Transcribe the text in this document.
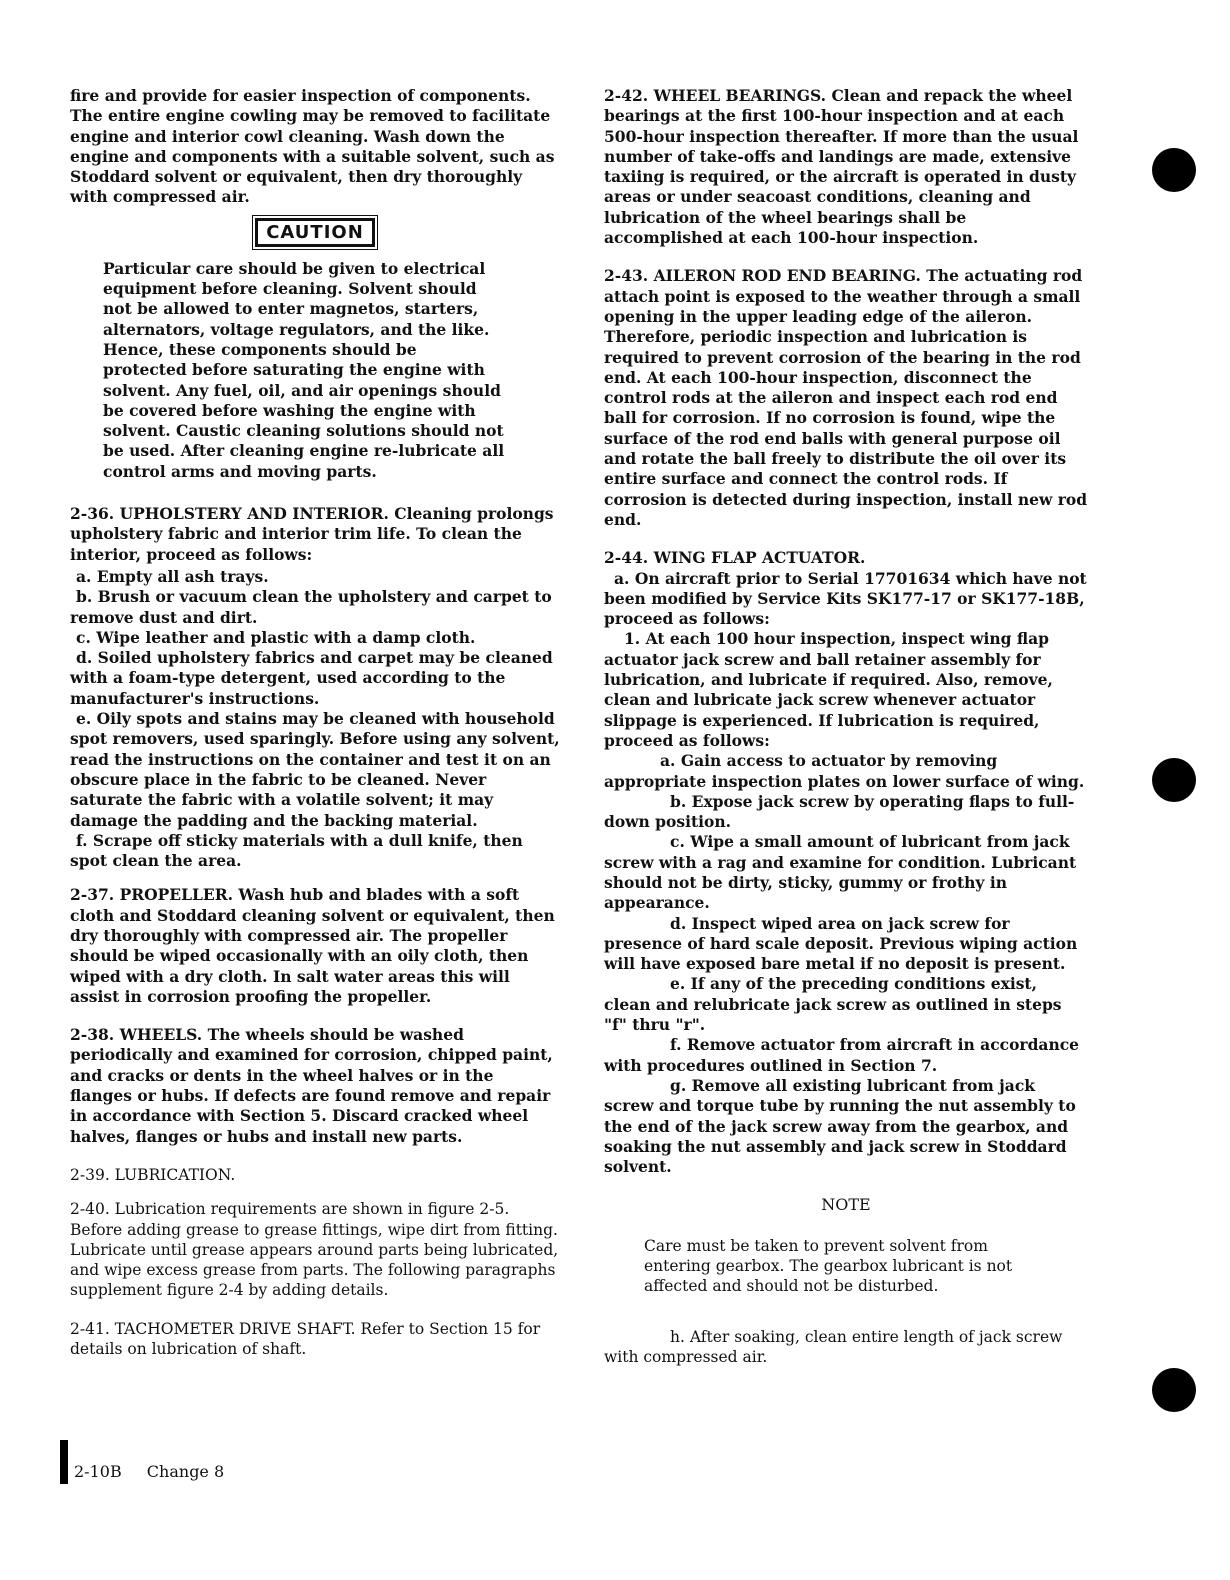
fire and provide for easier inspection of components. The entire engine cowling may be removed to facilitate engine and interior cowl cleaning. Wash down the engine and components with a suitable solvent, such as Stoddard solvent or equivalent, then dry thoroughly with compressed air.

CAUTION

Particular care should be given to electrical equipment before cleaning. Solvent should not be allowed to enter magnetos, starters, alternators, voltage regulators, and the like. Hence, these components should be protected before saturating the engine with solvent. Any fuel, oil, and air openings should be covered before washing the engine with solvent. Caustic cleaning solutions should not be used. After cleaning engine re-lubricate all control arms and moving parts.

2-36. UPHOLSTERY AND INTERIOR. Cleaning prolongs upholstery fabric and interior trim life. To clean the interior, proceed as follows:

a. Empty all ash trays.

b. Brush or vacuum clean the upholstery and carpet to remove dust and dirt.

c. Wipe leather and plastic with a damp cloth.

d. Soiled upholstery fabrics and carpet may be cleaned with a foam-type detergent, used according to the manufacturer's instructions.

e. Oily spots and stains may be cleaned with household spot removers, used sparingly. Before using any solvent, read the instructions on the container and test it on an obscure place in the fabric to be cleaned. Never saturate the fabric with a volatile solvent; it may damage the padding and the backing material.

f. Scrape off sticky materials with a dull knife, then spot clean the area.

2-37. PROPELLER. Wash hub and blades with a soft cloth and Stoddard cleaning solvent or equivalent, then dry thoroughly with compressed air. The propeller should be wiped occasionally with an oily cloth, then wiped with a dry cloth. In salt water areas this will assist in corrosion proofing the propeller.

2-38. WHEELS. The wheels should be washed periodically and examined for corrosion, chipped paint, and cracks or dents in the wheel halves or in the flanges or hubs. If defects are found remove and repair in accordance with Section 5. Discard cracked wheel halves, flanges or hubs and install new parts.

2-39. LUBRICATION.

2-40. Lubrication requirements are shown in figure 2-5. Before adding grease to grease fittings, wipe dirt from fitting. Lubricate until grease appears around parts being lubricated, and wipe excess grease from parts. The following paragraphs supplement figure 2-4 by adding details.

2-41. TACHOMETER DRIVE SHAFT. Refer to Section 15 for details on lubrication of shaft.

2-42. WHEEL BEARINGS. Clean and repack the wheel bearings at the first 100-hour inspection and at each 500-hour inspection thereafter. If more than the usual number of take-offs and landings are made, extensive taxiing is required, or the aircraft is operated in dusty areas or under seacoast conditions, cleaning and lubrication of the wheel bearings shall be accomplished at each 100-hour inspection.

2-43. AILERON ROD END BEARING. The actuating rod attach point is exposed to the weather through a small opening in the upper leading edge of the aileron. Therefore, periodic inspection and lubrication is required to prevent corrosion of the bearing in the rod end. At each 100-hour inspection, disconnect the control rods at the aileron and inspect each rod end ball for corrosion. If no corrosion is found, wipe the surface of the rod end balls with general purpose oil and rotate the ball freely to distribute the oil over its entire surface and connect the control rods. If corrosion is detected during inspection, install new rod end.

2-44. WING FLAP ACTUATOR.

a. On aircraft prior to Serial 17701634 which have not been modified by Service Kits SK177-17 or SK177-18B, proceed as follows:

1. At each 100 hour inspection, inspect wing flap actuator jack screw and ball retainer assembly for lubrication, and lubricate if required. Also, remove, clean and lubricate jack screw whenever actuator slippage is experienced. If lubrication is required, proceed as follows:

a. Gain access to actuator by removing appropriate inspection plates on lower surface of wing.

b. Expose jack screw by operating flaps to full-down position.

c. Wipe a small amount of lubricant from jack screw with a rag and examine for condition. Lubricant should not be dirty, sticky, gummy or frothy in appearance.

d. Inspect wiped area on jack screw for presence of hard scale deposit. Previous wiping action will have exposed bare metal if no deposit is present.

e. If any of the preceding conditions exist, clean and relubricate jack screw as outlined in steps "f" thru "r".

f. Remove actuator from aircraft in accordance with procedures outlined in Section 7.

g. Remove all existing lubricant from jack screw and torque tube by running the nut assembly to the end of the jack screw away from the gearbox, and soaking the nut assembly and jack screw in Stoddard solvent.

NOTE

Care must be taken to prevent solvent from entering gearbox. The gearbox lubricant is not affected and should not be disturbed.

h. After soaking, clean entire length of jack screw with compressed air.

2-10B Change 8
